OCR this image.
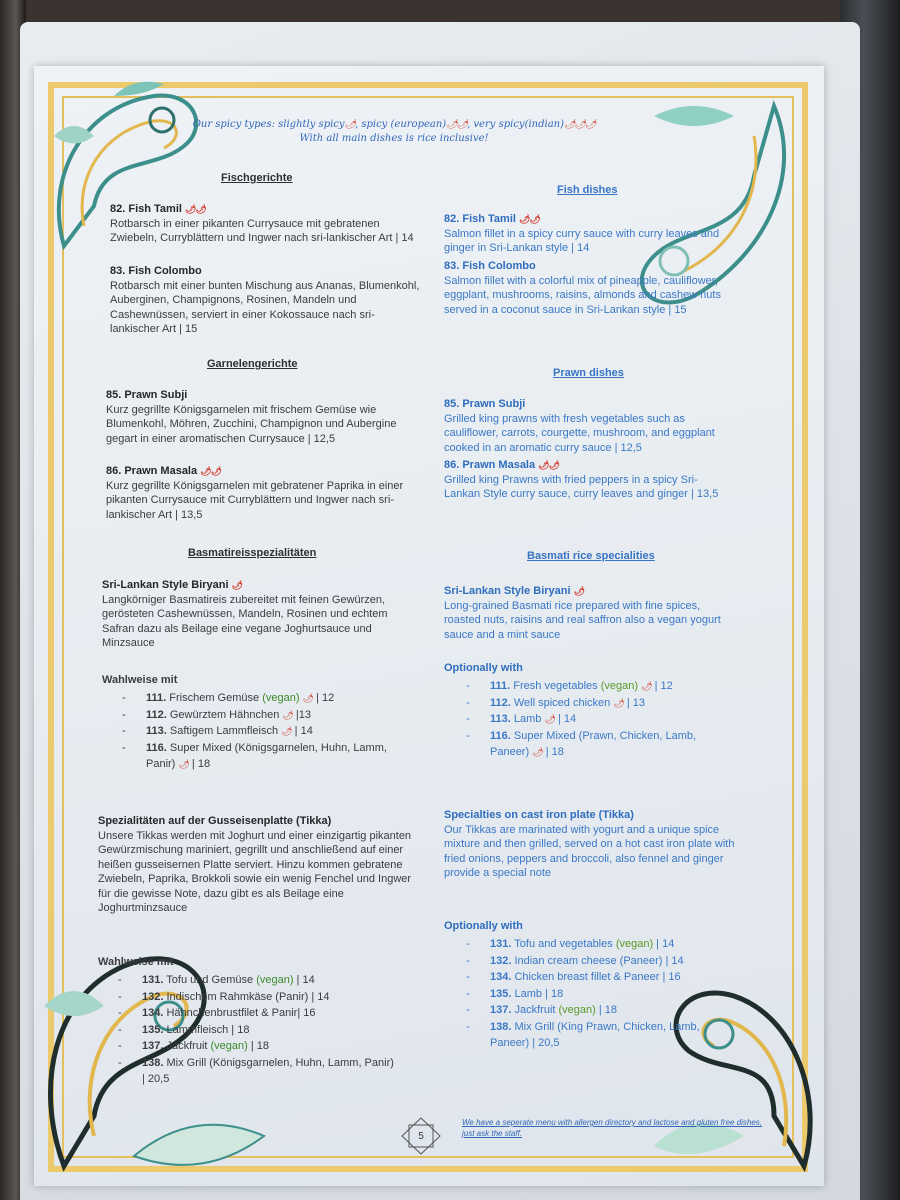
Our spicy types: slightly spicy🌶, spicy (european)🌶🌶, very spicy(indian)🌶🌶🌶
With all main dishes is rice inclusive!
Fischgerichte
82. Fish Tamil 🌶🌶
Rotbarsch in einer pikanten Currysauce mit gebratenen Zwiebeln, Curryblättern und Ingwer nach sri-lankischer Art | 14
83. Fish Colombo
Rotbarsch mit einer bunten Mischung aus Ananas, Blumenkohl, Auberginen, Champignons, Rosinen, Mandeln und Cashewnüssen, serviert in einer Kokossauce nach sri-lankischer Art | 15
Garnelengerichte
85. Prawn Subji
Kurz gegrillte Königsgarnelen mit frischem Gemüse wie Blumenkohl, Möhren, Zucchini, Champignon und Aubergine gegart in einer aromatischen Currysauce | 12,5
86. Prawn Masala 🌶🌶
Kurz gegrillte Königsgarnelen mit gebratener Paprika in einer pikanten Currysauce mit Curryblättern und Ingwer nach sri-lankischer Art | 13,5
Basmatireisspezialitäten
Sri-Lankan Style Biryani 🌶
Langkörniger Basmatireis zubereitet mit feinen Gewürzen, gerösteten Cashewnüssen, Mandeln, Rosinen und echtem Safran dazu als Beilage eine vegane Joghurtsauce und Minzsauce
Wahlweise mit
- 111. Frischem Gemüse (vegan) 🌶 | 12
- 112. Gewürztem Hähnchen 🌶 |13
- 113. Saftigem Lammfleisch 🌶 | 14
- 116. Super Mixed (Königsgarnelen, Huhn, Lamm, Panir) 🌶 | 18
Spezialitäten auf der Gusseisenplatte (Tikka)
Unsere Tikkas werden mit Joghurt und einer einzigartig pikanten Gewürzmischung mariniert, gegrillt und anschließend auf einer heißen gusseisernen Platte serviert. Hinzu kommen gebratene Zwiebeln, Paprika, Brokkoli sowie ein wenig Fenchel und Ingwer für die gewisse Note, dazu gibt es als Beilage eine Joghurtminzsauce
Wahlweise mit
- 131. Tofu und Gemüse (vegan) | 14
- 132. Indischem Rahmkäse (Panir) | 14
- 134. Hähnchenbrustfilet & Panir| 16
- 135. Lammfleisch | 18
- 137. Jackfruit (vegan) | 18
- 138. Mix Grill (Königsgarnelen, Huhn, Lamm, Panir) | 20,5
Fish dishes
82. Fish Tamil 🌶🌶
Salmon fillet in a spicy curry sauce with curry leaves and ginger in Sri-Lankan style | 14
83. Fish Colombo
Salmon fillet with a colorful mix of pineapple, cauliflower, eggplant, mushrooms, raisins, almonds and cashew nuts served in a coconut sauce in Sri-Lankan style | 15
Prawn dishes
85. Prawn Subji
Grilled king prawns with fresh vegetables such as cauliflower, carrots, courgette, mushroom, and eggplant cooked in an aromatic curry sauce | 12,5
86. Prawn Masala 🌶🌶
Grilled king Prawns with fried peppers in a spicy Sri-Lankan Style curry sauce, curry leaves and ginger | 13,5
Basmati rice specialities
Sri-Lankan Style Biryani 🌶
Long-grained Basmati rice prepared with fine spices, roasted nuts, raisins and real saffron also a vegan yogurt sauce and a mint sauce
Optionally with
- 111. Fresh vegetables (vegan) 🌶 | 12
- 112. Well spiced chicken 🌶 | 13
- 113. Lamb 🌶 | 14
- 116. Super Mixed (Prawn, Chicken, Lamb, Paneer) 🌶 | 18
Specialties on cast iron plate (Tikka)
Our Tikkas are marinated with yogurt and a unique spice mixture and then grilled, served on a hot cast iron plate with fried onions, peppers and broccoli, also fennel and ginger provide a special note
Optionally with
- 131. Tofu and vegetables (vegan) | 14
- 132. Indian cream cheese (Paneer) | 14
- 134. Chicken breast fillet & Paneer | 16
- 135. Lamb | 18
- 137. Jackfruit (vegan) | 18
- 138. Mix Grill (King Prawn, Chicken, Lamb, Paneer) | 20,5
5
We have a seperate menu with allergen directory and lactose and gluten free dishes, just ask the staff.
